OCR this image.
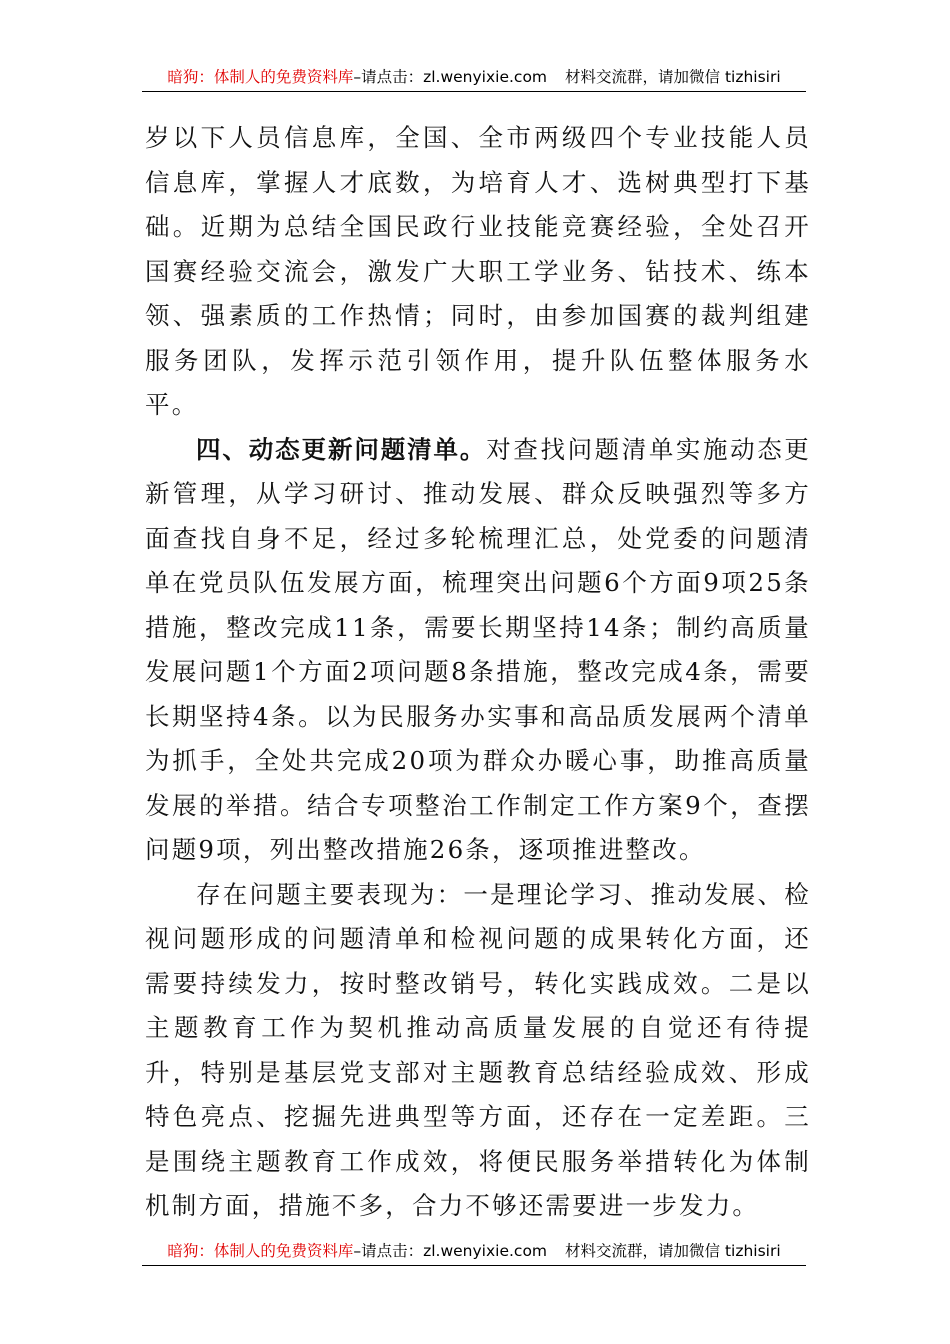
暗狗：体制人的免费资料库 –请点击：zl.wenyixie.com 材料交流群，请加微信 tizhisiri

岁以下人员信息库，全国、全市两级四个专业技能人员信息库，掌握人才底数，为培育人才、选树典型打下基础。近期为总结全国民政行业技能竞赛经验，全处召开国赛经验交流会，激发广大职工学业务、钻技术、练本领、强素质的工作热情；同时，由参加国赛的裁判组建服务团队，发挥示范引领作用，提升队伍整体服务水平。

四、动态更新问题清单。对查找问题清单实施动态更新管理，从学习研讨、推动发展、群众反映强烈等多方面查找自身不足，经过多轮梳理汇总，处党委的问题清单在党员队伍发展方面，梳理突出问题6个方面9项25条措施，整改完成11条，需要长期坚持14条；制约高质量发展问题1个方面2项问题8条措施，整改完成4条，需要长期坚持4条。以为民服务办实事和高品质发展两个清单为抓手，全处共完成20项为群众办暖心事，助推高质量发展的举措。结合专项整治工作制定工作方案9个，查摆问题9项，列出整改措施26条，逐项推进整改。

存在问题主要表现为：一是理论学习、推动发展、检视问题形成的问题清单和检视问题的成果转化方面，还需要持续发力，按时整改销号，转化实践成效。二是以主题教育工作为契机推动高质量发展的自觉还有待提升，特别是基层党支部对主题教育总结经验成效、形成特色亮点、挖掘先进典型等方面，还存在一定差距。三是围绕主题教育工作成效，将便民服务举措转化为体制机制方面，措施不多，合力不够还需要进一步发力。

暗狗：体制人的免费资料库 –请点击：zl.wenyixie.com 材料交流群，请加微信 tizhisiri
